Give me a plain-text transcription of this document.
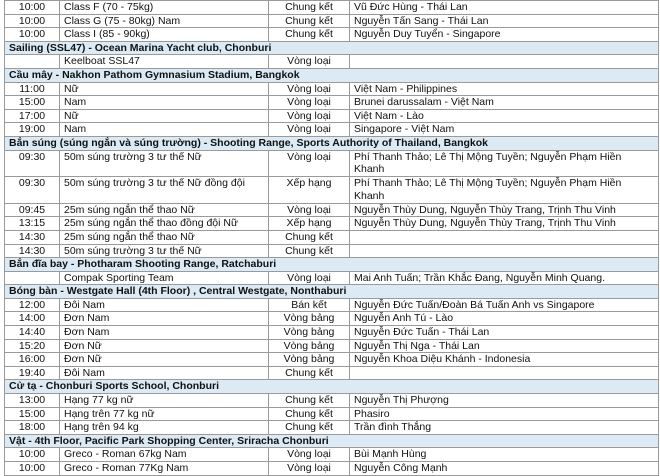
10:00	Class F (70 - 75kg)	Chung kết	Vũ Đức Hùng - Thái Lan
10:00	Class G (75 - 80kg) Nam	Chung kết	Nguyễn Tấn Sang - Thái Lan
10:00	Class I (85 - 90kg)	Chung kết	Nguyễn Duy Tuyển - Singapore
Sailing (SSL47) - Ocean Marina Yacht club, Chonburi			
	Keelboat SSL47	Vòng loại	
Cầu mây - Nakhon Pathom Gymnasium Stadium, Bangkok			
11:00	Nữ	Vòng loại	Việt Nam - Philippines
15:00	Nam	Vòng loại	Brunei darussalam - Việt Nam
17:00	Nữ	Vòng loại	Việt Nam - Lào
19:00	Nam	Vòng loại	Singapore - Việt Nam
Bắn súng (súng ngắn và súng trường) - Shooting Range, Sports Authority of Thailand, Bangkok			
09:30	50m súng trường 3 tư thế Nữ	Vòng loại	Phí Thanh Thảo; Lê Thị Mộng Tuyền; Nguyễn Phạm Hiền Khanh
09:30	50m súng trường 3 tư thế Nữ đồng đội	Xếp hạng	Phí Thanh Thảo; Lê Thị Mộng Tuyền; Nguyễn Phạm Hiền Khanh
09:45	25m súng ngắn thể thao Nữ	Vòng loại	Nguyễn Thùy Dung, Nguyễn Thùy Trang, Trịnh Thu Vinh
13:15	25m súng ngắn thể thao đồng đội Nữ	Xếp hạng	Nguyễn Thùy Dung, Nguyễn Thùy Trang, Trịnh Thu Vinh
14:30	25m súng ngắn thể thao Nữ	Chung kết	
14:30	50m súng trường 3 tư thế Nữ	Chung kết	
Bắn đĩa bay - Photharam Shooting Range, Ratchaburi			
	Compak Sporting Team	Vòng loại	Mai Anh Tuấn; Trần Khắc Đang, Nguyễn Minh Quang.
Bóng bàn - Westgate Hall (4th Floor) , Central Westgate, Nonthaburi			
12:00	Đôi Nam	Bán kết	Nguyễn Đức Tuấn/Đoàn Bá Tuấn Anh vs Singapore
14:00	Đơn Nam	Vòng bảng	Nguyễn Anh Tú - Lào
14:40	Đơn Nam	Vòng bảng	Nguyễn Đức Tuấn - Thái Lan
15:20	Đơn Nữ	Vòng bảng	Nguyễn Thị Nga - Thái Lan
16:00	Đơn Nữ	Vòng bảng	Nguyễn Khoa Diệu Khánh - Indonesia
19:40	Đôi Nam	Chung kết	
Cử tạ - Chonburi Sports School, Chonburi			
13:00	Hạng 77 kg nữ	Chung kết	Nguyễn Thị Phượng
15:00	Hạng trên 77 kg nữ	Chung kết	Phasiro
18:00	Hạng trên 94 kg	Chung kết	Trần đình Thắng
Vật - 4th Floor, Pacific Park Shopping Center, Sriracha Chonburi			
10:00	Greco - Roman 67kg Nam	Vòng loại	Bùi Mạnh Hùng
10:00	Greco - Roman 77Kg Nam	Vòng loại	Nguyễn Công Mạnh
